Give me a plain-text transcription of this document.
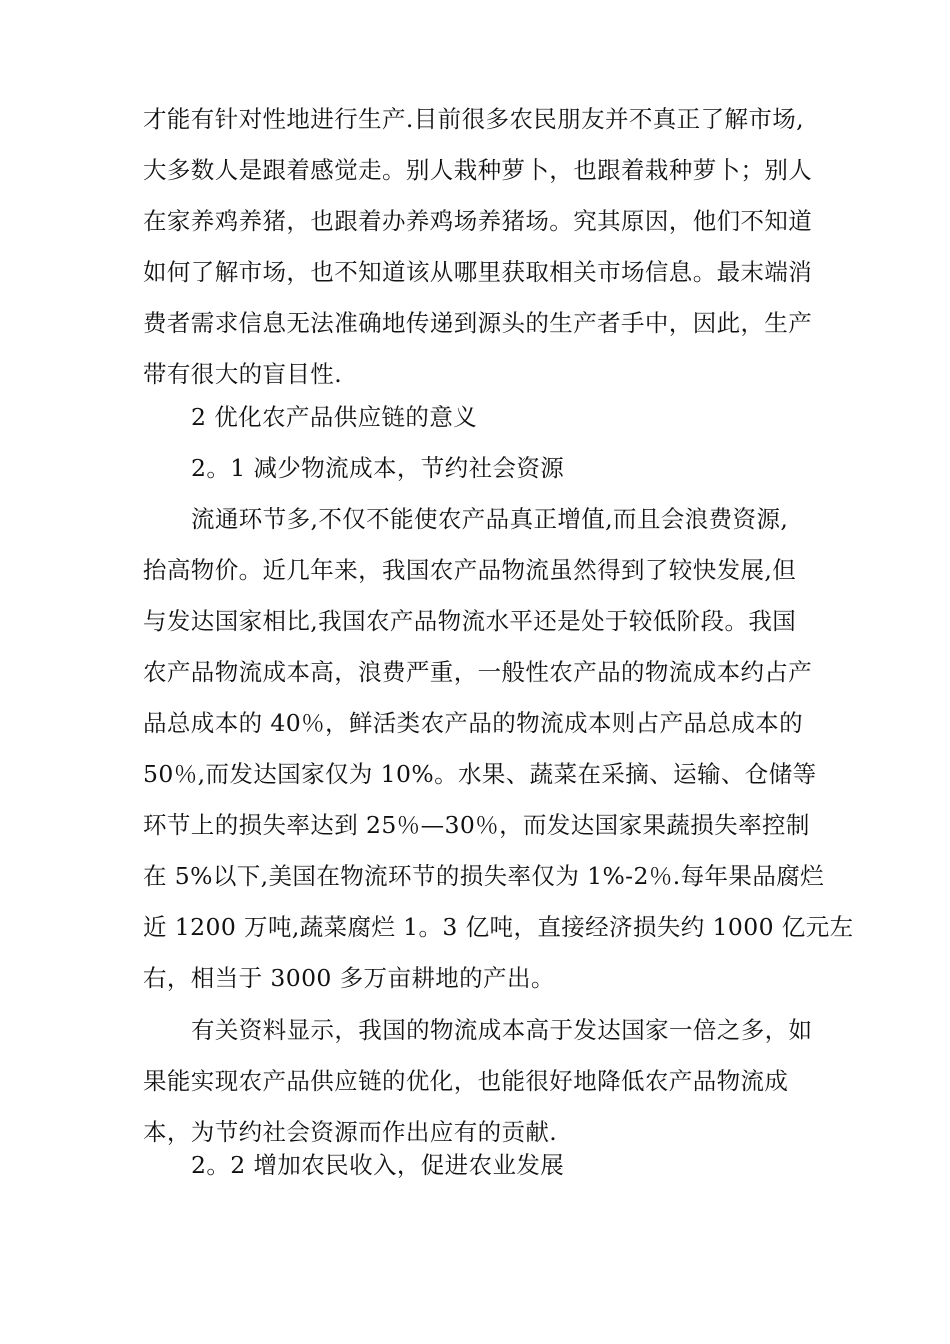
才能有针对性地进行生产.目前很多农民朋友并不真正了解市场,
大多数人是跟着感觉走。别人栽种萝卜，也跟着栽种萝卜；别人
在家养鸡养猪，也跟着办养鸡场养猪场。究其原因，他们不知道
如何了解市场，也不知道该从哪里获取相关市场信息。最末端消
费者需求信息无法准确地传递到源头的生产者手中，因此，生产
带有很大的盲目性.
2 优化农产品供应链的意义
2。1 减少物流成本，节约社会资源
流通环节多,不仅不能使农产品真正增值,而且会浪费资源,
抬高物价。近几年来，我国农产品物流虽然得到了较快发展,但
与发达国家相比,我国农产品物流水平还是处于较低阶段。我国
农产品物流成本高，浪费严重，一般性农产品的物流成本约占产
品总成本的 40％，鲜活类农产品的物流成本则占产品总成本的
50％,而发达国家仅为 10%。水果、蔬菜在采摘、运输、仓储等
环节上的损失率达到 25％—30％，而发达国家果蔬损失率控制
在 5%以下,美国在物流环节的损失率仅为 1%-2％.每年果品腐烂
近 1200 万吨,蔬菜腐烂 1。3 亿吨，直接经济损失约 1000 亿元左
右，相当于 3000 多万亩耕地的产出。
有关资料显示，我国的物流成本高于发达国家一倍之多，如
果能实现农产品供应链的优化，也能很好地降低农产品物流成
本，为节约社会资源而作出应有的贡献.
2。2 增加农民收入，促进农业发展
